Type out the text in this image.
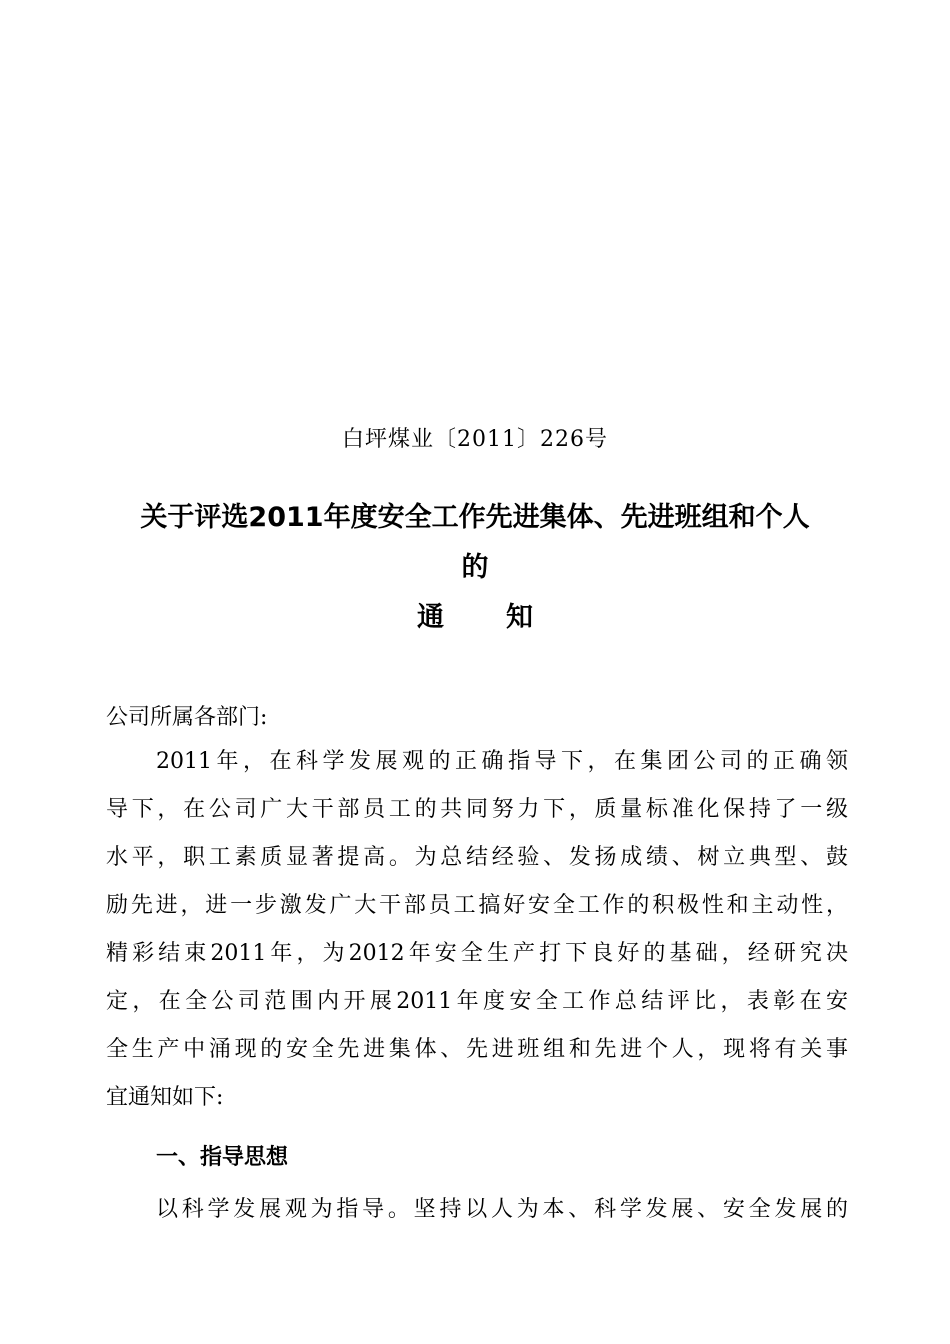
白坪煤业〔2011〕226号
关于评选2011年度安全工作先进集体、先进班组和个人
的
通 知
公司所属各部门:
2011年，在科学发展观的正确指导下，在集团公司的正确领
导下，在公司广大干部员工的共同努力下，质量标准化保持了一级
水平，职工素质显著提高。为总结经验、发扬成绩、树立典型、鼓
励先进，进一步激发广大干部员工搞好安全工作的积极性和主动性，
精彩结束2011年，为2012年安全生产打下良好的基础，经研究决
定，在全公司范围内开展2011年度安全工作总结评比，表彰在安
全生产中涌现的安全先进集体、先进班组和先进个人，现将有关事
宜通知如下:
一、指导思想
以科学发展观为指导。坚持以人为本、科学发展、安全发展的
